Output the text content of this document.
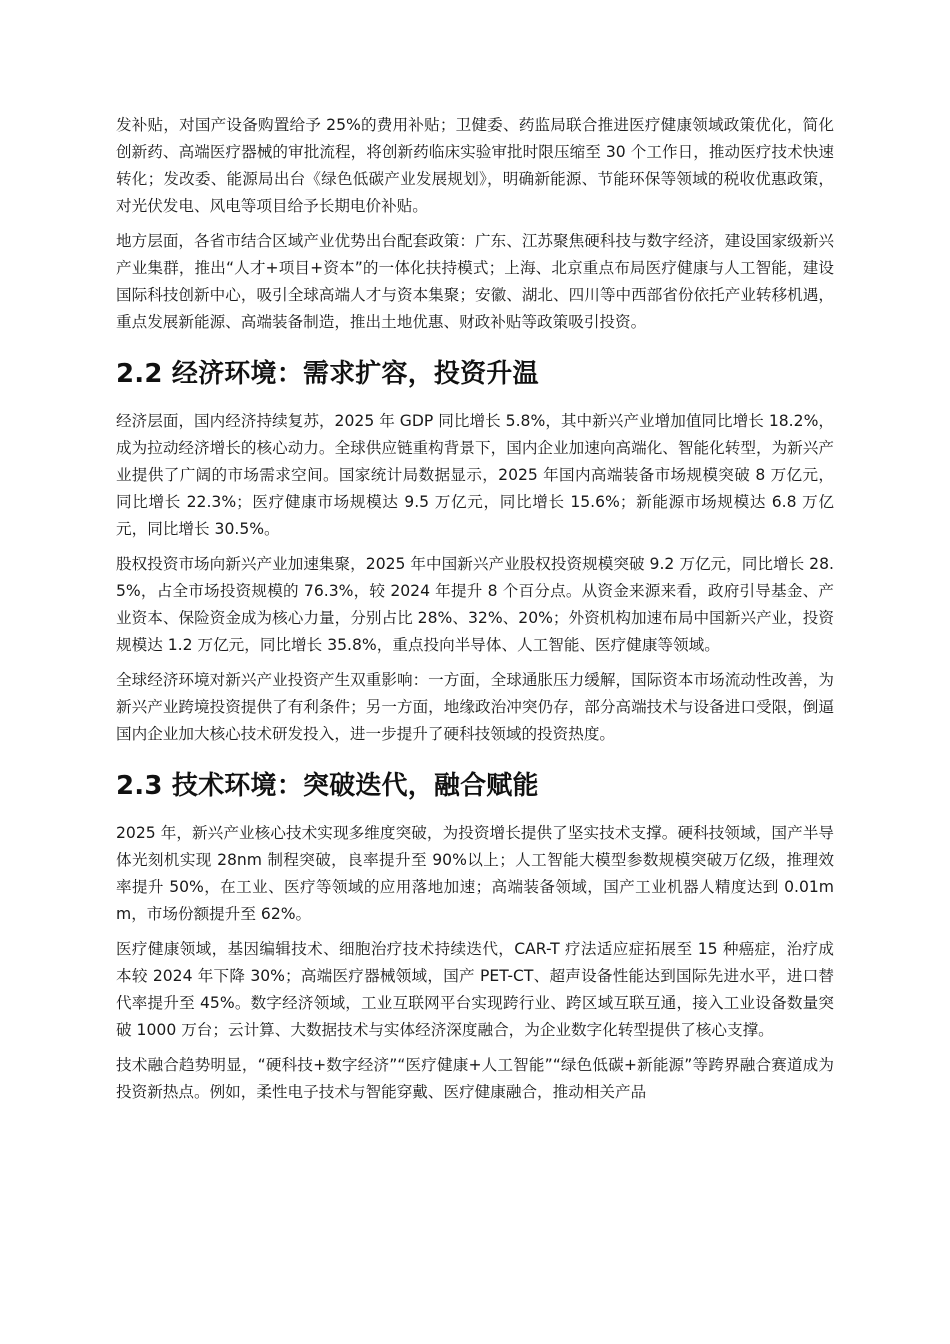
发补贴，对国产设备购置给予 25%的费用补贴；卫健委、药监局联合推进医疗健康领域政策优化，简化创新药、高端医疗器械的审批流程，将创新药临床实验审批时限压缩至 30 个工作日，推动医疗技术快速转化；发改委、能源局出台《绿色低碳产业发展规划》，明确新能源、节能环保等领域的税收优惠政策，对光伏发电、风电等项目给予长期电价补贴。

地方层面，各省市结合区域产业优势出台配套政策：广东、江苏聚焦硬科技与数字经济，建设国家级新兴产业集群，推出“人才+项目+资本”的一体化扶持模式；上海、北京重点布局医疗健康与人工智能，建设国际科技创新中心，吸引全球高端人才与资本集聚；安徽、湖北、四川等中西部省份依托产业转移机遇，重点发展新能源、高端装备制造，推出土地优惠、财政补贴等政策吸引投资。

2.2 经济环境：需求扩容，投资升温

经济层面，国内经济持续复苏，2025 年 GDP 同比增长 5.8%，其中新兴产业增加值同比增长 18.2%，成为拉动经济增长的核心动力。全球供应链重构背景下，国内企业加速向高端化、智能化转型，为新兴产业提供了广阔的市场需求空间。国家统计局数据显示，2025 年国内高端装备市场规模突破 8 万亿元，同比增长 22.3%；医疗健康市场规模达 9.5 万亿元，同比增长 15.6%；新能源市场规模达 6.8 万亿元，同比增长 30.5%。

股权投资市场向新兴产业加速集聚，2025 年中国新兴产业股权投资规模突破 9.2 万亿元，同比增长 28.5%，占全市场投资规模的 76.3%，较 2024 年提升 8 个百分点。从资金来源来看，政府引导基金、产业资本、保险资金成为核心力量，分别占比 28%、32%、20%；外资机构加速布局中国新兴产业，投资规模达 1.2 万亿元，同比增长 35.8%，重点投向半导体、人工智能、医疗健康等领域。

全球经济环境对新兴产业投资产生双重影响：一方面，全球通胀压力缓解，国际资本市场流动性改善，为新兴产业跨境投资提供了有利条件；另一方面，地缘政治冲突仍存，部分高端技术与设备进口受限，倒逼国内企业加大核心技术研发投入，进一步提升了硬科技领域的投资热度。

2.3 技术环境：突破迭代，融合赋能

2025 年，新兴产业核心技术实现多维度突破，为投资增长提供了坚实技术支撑。硬科技领域，国产半导体光刻机实现 28nm 制程突破，良率提升至 90%以上；人工智能大模型参数规模突破万亿级，推理效率提升 50%，在工业、医疗等领域的应用落地加速；高端装备领域，国产工业机器人精度达到 0.01mm，市场份额提升至 62%。

医疗健康领域，基因编辑技术、细胞治疗技术持续迭代，CAR-T 疗法适应症拓展至 15 种癌症，治疗成本较 2024 年下降 30%；高端医疗器械领域，国产 PET-CT、超声设备性能达到国际先进水平，进口替代率提升至 45%。数字经济领域，工业互联网平台实现跨行业、跨区域互联互通，接入工业设备数量突破 1000 万台；云计算、大数据技术与实体经济深度融合，为企业数字化转型提供了核心支撑。

技术融合趋势明显，“硬科技+数字经济”“医疗健康+人工智能”“绿色低碳+新能源”等跨界融合赛道成为投资新热点。例如，柔性电子技术与智能穿戴、医疗健康融合，推动相关产品
